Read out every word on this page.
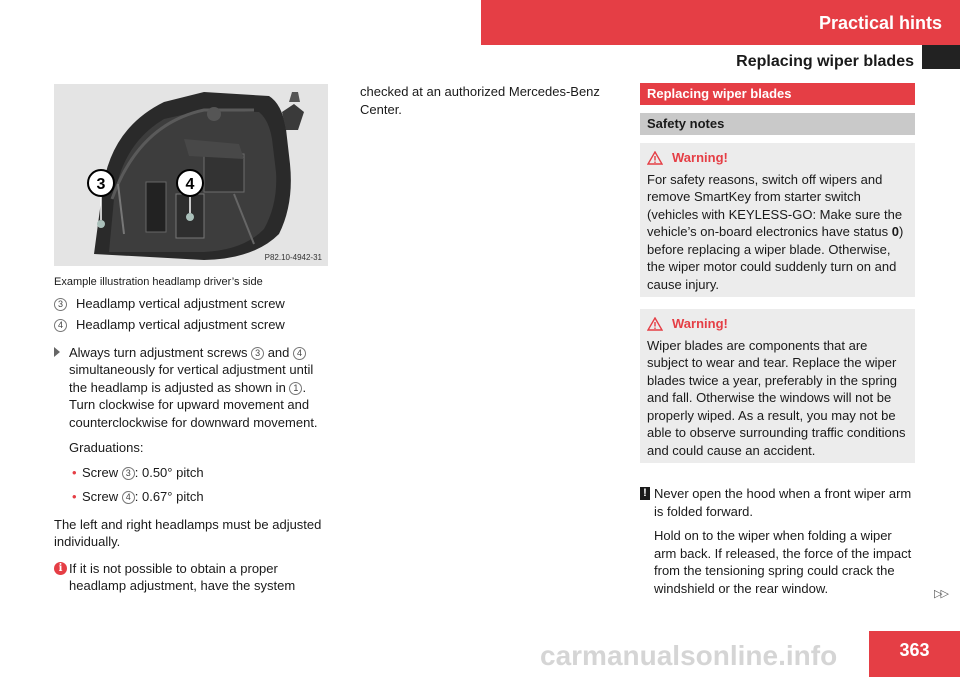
Practical hints
Replacing wiper blades
3	4
P82.10-4942-31
Example illustration headlamp driver’s side
3	Headlamp vertical adjustment screw
4	Headlamp vertical adjustment screw
Always turn adjustment screws 3 and 4 simultaneously for vertical adjustment until the headlamp is adjusted as shown in 1 . Turn clockwise for upward movement and counterclockwise for downward movement.
Graduations:
• Screw 3 : 0.50° pitch
• Screw 4 : 0.67° pitch
The left and right headlamps must be adjusted individually.
i If it is not possible to obtain a proper headlamp adjustment, have the system
checked at an authorized Mercedes-Benz Center.
Replacing wiper blades
Safety notes
Warning!
For safety reasons, switch off wipers and remove SmartKey from starter switch (vehicles with KEYLESS-GO: Make sure the vehicle’s on-board electronics have status 0) before replacing a wiper blade. Otherwise, the wiper motor could suddenly turn on and cause injury.
Warning!
Wiper blades are components that are subject to wear and tear. Replace the wiper blades twice a year, preferably in the spring and fall. Otherwise the windows will not be properly wiped. As a result, you may not be able to observe surrounding traffic conditions and could cause an accident.
! Never open the hood when a front wiper arm is folded forward.
Hold on to the wiper when folding a wiper arm back. If released, the force of the impact from the tensioning spring could crack the windshield or the rear window.	▷▷
carmanualsonline.info	363
